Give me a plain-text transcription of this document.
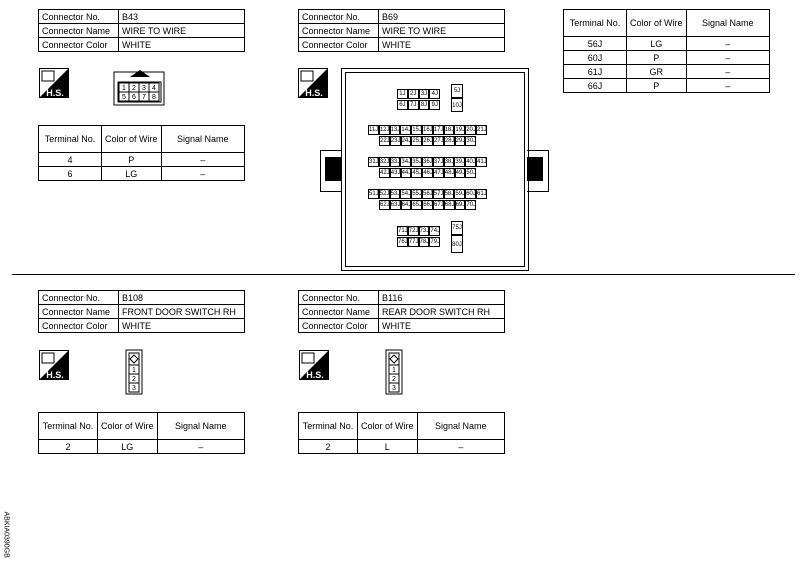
Connector No.	B43
Connector Name	WIRE TO WIRE
Connector Color	WHITE
H.S.	1 2 3 4
5 6 7 8
Terminal No.	Color of Wire	Signal Name
4	P	–
6	LG	–
Connector No.	B69
Connector Name	WIRE TO WIRE
Connector Color	WHITE
H.S.	1J 2J 3J 4J
6J 7J 8J 9J
5J
10J
11J 12J 13J 14J 15J 16J 17J 18J 19J 20J 21J
22J 23J 24J 25J 26J 27J 28J 29J 30J
31J 32J 33J 34J 35J 36J 37J 38J 39J 40J 41J
42J 43J 44J 45J 46J 47J 48J 49J 50J
51J 52J 53J 54J 55J 56J 57J 58J 59J 60J 61J
62J 63J 64J 65J 66J 67J 68J 69J 70J
71J 72J 73J 74J
76J 77J 78J 79J
75J
80J
Terminal No.	Color of Wire	Signal Name
56J	LG	–
60J	P	–
61J	GR	–
66J	P	–
Connector No.	B108
Connector Name	FRONT DOOR SWITCH RH
Connector Color	WHITE
H.S.	1
2
3
Terminal No.	Color of Wire	Signal Name
2	LG	–
Connector No.	B116
Connector Name	REAR DOOR SWITCH RH
Connector Color	WHITE
H.S.	1
2
3
Terminal No.	Color of Wire	Signal Name
2	L	–
ABKIA0390GB
